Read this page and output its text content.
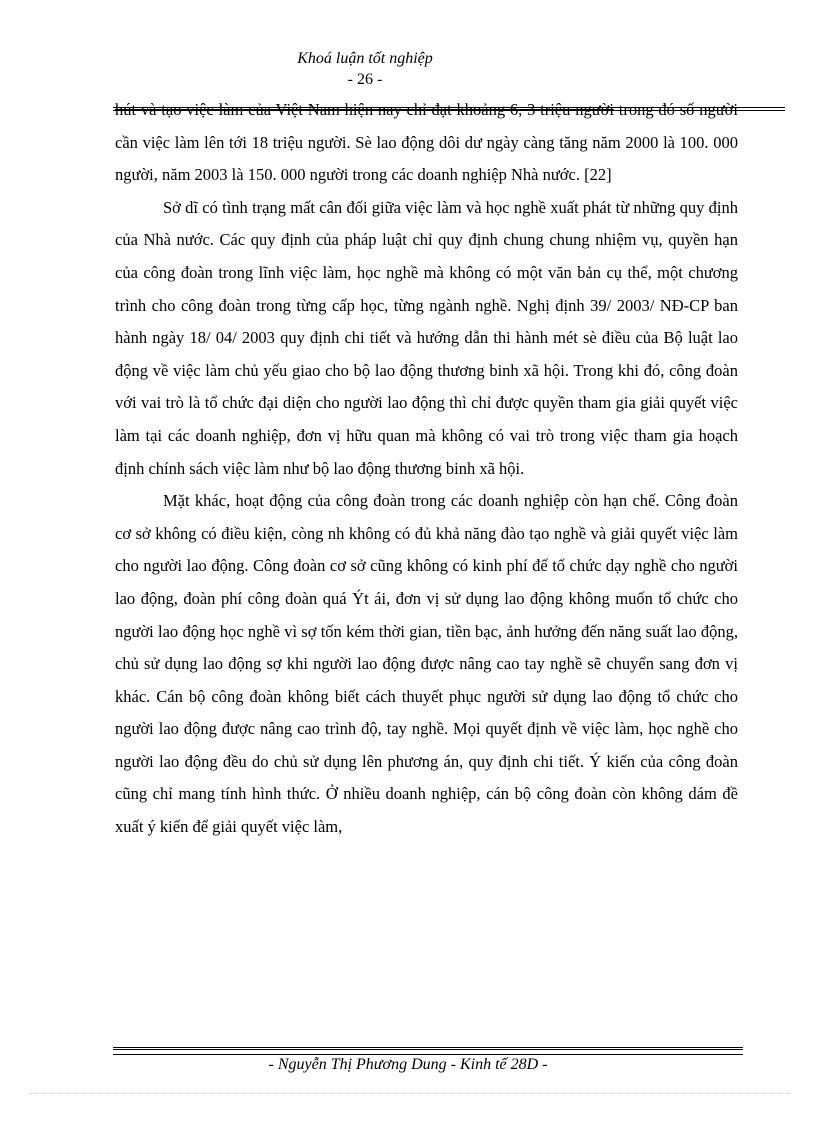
Khoá luận tốt nghiệp
- 26 -

hút và tạo việc làm của Việt Nam hiện nay chỉ đạt khoảng 6, 3 triệu người trong đó số người cần việc làm lên tới 18 triệu người. Sè lao động dôi dư ngày càng tăng năm 2000 là 100. 000 người, năm 2003 là 150. 000 người trong các doanh nghiệp Nhà nước. [22]

Sở dĩ có tình trạng mất cân đối giữa việc làm và học nghề xuất phát từ những quy định của Nhà nước. Các quy định của pháp luật chỉ quy định chung chung nhiệm vụ, quyền hạn của công đoàn trong lĩnh việc làm, học nghề mà không có một văn bản cụ thể, một chương trình cho công đoàn trong từng cấp học, từng ngành nghề. Nghị định 39/ 2003/ NĐ-CP ban hành ngày 18/ 04/ 2003 quy định chi tiết và hướng dẫn thi hành mét sè điều của Bộ luật lao động về việc làm chủ yếu giao cho bộ lao động thương binh xã hội. Trong khi đó, công đoàn với vai trò là tổ chức đại diện cho người lao động thì chỉ được quyền tham gia giải quyết việc làm tại các doanh nghiệp, đơn vị hữu quan mà không có vai trò trong việc tham gia hoạch định chính sách việc làm như bộ lao động thương binh xã hội.

Mặt khác, hoạt động của công đoàn trong các doanh nghiệp còn hạn chế. Công đoàn cơ sở không có điều kiện, còng nh không có đủ khả năng đào tạo nghề và giải quyết việc làm cho người lao động. Công đoàn cơ sở cũng không có kinh phí để tổ chức dạy nghề cho người lao động, đoàn phí công đoàn quá Ýt ái, đơn vị sử dụng lao động không muốn tổ chức cho người lao động học nghề vì sợ tốn kém thời gian, tiền bạc, ảnh hưởng đến năng suất lao động, chủ sử dụng lao động sợ khi người lao động được nâng cao tay nghề sẽ chuyển sang đơn vị khác. Cán bộ công đoàn không biết cách thuyết phục người sử dụng lao động tổ chức cho người lao động được nâng cao trình độ, tay nghề. Mọi quyết định về việc làm, học nghề cho người lao động đều do chủ sử dụng lên phương án, quy định chi tiết. Ý kiến của công đoàn cũng chỉ mang tính hình thức. Ở nhiều doanh nghiệp, cán bộ công đoàn còn không dám đề xuất ý kiến để giải quyết việc làm,

- Nguyễn Thị Phương Dung - Kinh tế 28D -
